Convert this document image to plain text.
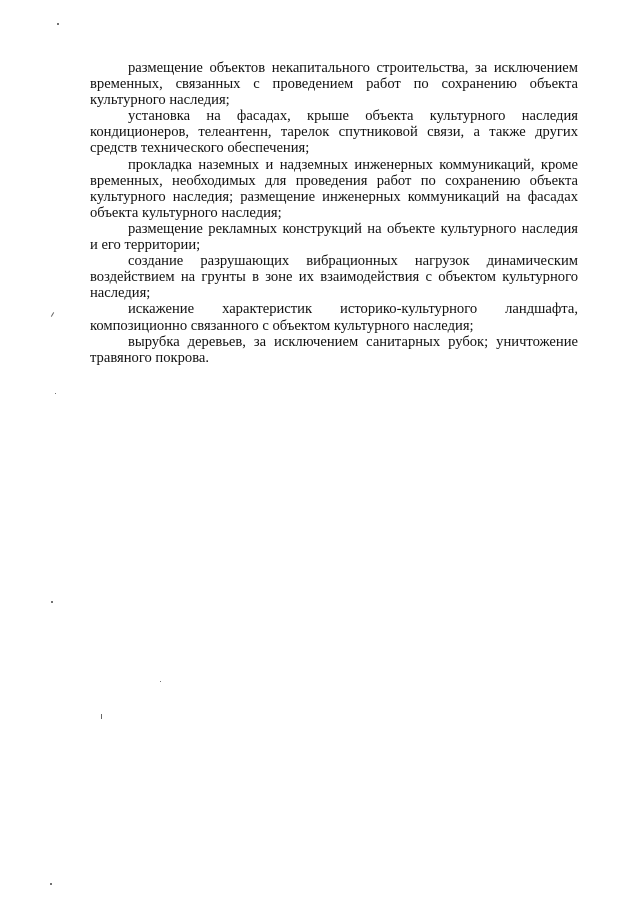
размещение объектов некапитального строительства, за исключением временных, связанных с проведением работ по сохранению объекта культурного наследия;

установка на фасадах, крыше объекта культурного наследия кондиционеров, телеантенн, тарелок спутниковой связи, а также других средств технического обеспечения;

прокладка наземных и надземных инженерных коммуникаций, кроме временных, необходимых для проведения работ по сохранению объекта культурного наследия; размещение инженерных коммуникаций на фасадах объекта культурного наследия;

размещение рекламных конструкций на объекте культурного наследия и его территории;

создание разрушающих вибрационных нагрузок динамическим воздействием на грунты в зоне их взаимодействия с объектом культурного наследия;

искажение характеристик историко-культурного ландшафта, композиционно связанного с объектом культурного наследия;

вырубка деревьев, за исключением санитарных рубок; уничтожение травяного покрова.
